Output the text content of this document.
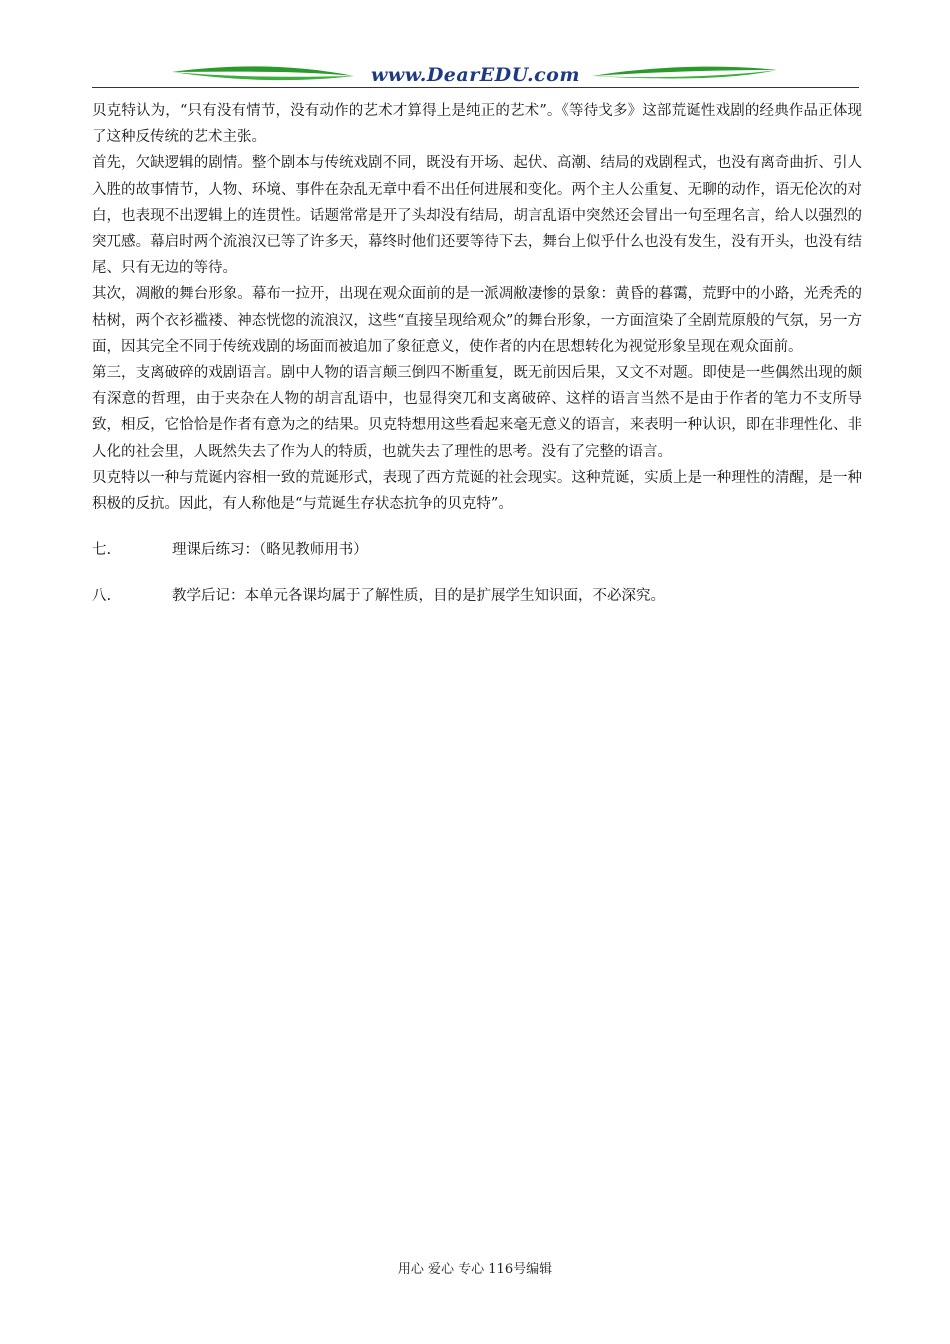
www.DearEDU.com

贝克特认为，“只有没有情节，没有动作的艺术才算得上是纯正的艺术”。《等待戈多》这部荒诞性戏剧的经典作品正体现了这种反传统的艺术主张。

首先，欠缺逻辑的剧情。整个剧本与传统戏剧不同，既没有开场、起伏、高潮、结局的戏剧程式，也没有离奇曲折、引人入胜的故事情节，人物、环境、事件在杂乱无章中看不出任何进展和变化。两个主人公重复、无聊的动作，语无伦次的对白，也表现不出逻辑上的连贯性。话题常常是开了头却没有结局，胡言乱语中突然还会冒出一句至理名言，给人以强烈的突兀感。幕启时两个流浪汉已等了许多天，幕终时他们还要等待下去，舞台上似乎什么也没有发生，没有开头，也没有结尾、只有无边的等待。

其次，凋敝的舞台形象。幕布一拉开，出现在观众面前的是一派凋敝凄惨的景象：黄昏的暮霭，荒野中的小路，光秃秃的枯树，两个衣衫褴褛、神态恍惚的流浪汉，这些“直接呈现给观众”的舞台形象，一方面渲染了全剧荒原般的气氛，另一方面，因其完全不同于传统戏剧的场面而被追加了象征意义，使作者的内在思想转化为视觉形象呈现在观众面前。

第三，支离破碎的戏剧语言。剧中人物的语言颠三倒四不断重复，既无前因后果，又文不对题。即使是一些偶然出现的颇有深意的哲理，由于夹杂在人物的胡言乱语中，也显得突兀和支离破碎、这样的语言当然不是由于作者的笔力不支所导致，相反，它恰恰是作者有意为之的结果。贝克特想用这些看起来毫无意义的语言，来表明一种认识，即在非理性化、非人化的社会里，人既然失去了作为人的特质，也就失去了理性的思考。没有了完整的语言。

贝克特以一种与荒诞内容相一致的荒诞形式，表现了西方荒诞的社会现实。这种荒诞，实质上是一种理性的清醒，是一种积极的反抗。因此，有人称他是“与荒诞生存状态抗争的贝克特”。

七.	理课后练习：（略见教师用书）
八.	教学后记：本单元各课均属于了解性质，目的是扩展学生知识面，不必深究。
用心 爱心 专心 116号编辑
